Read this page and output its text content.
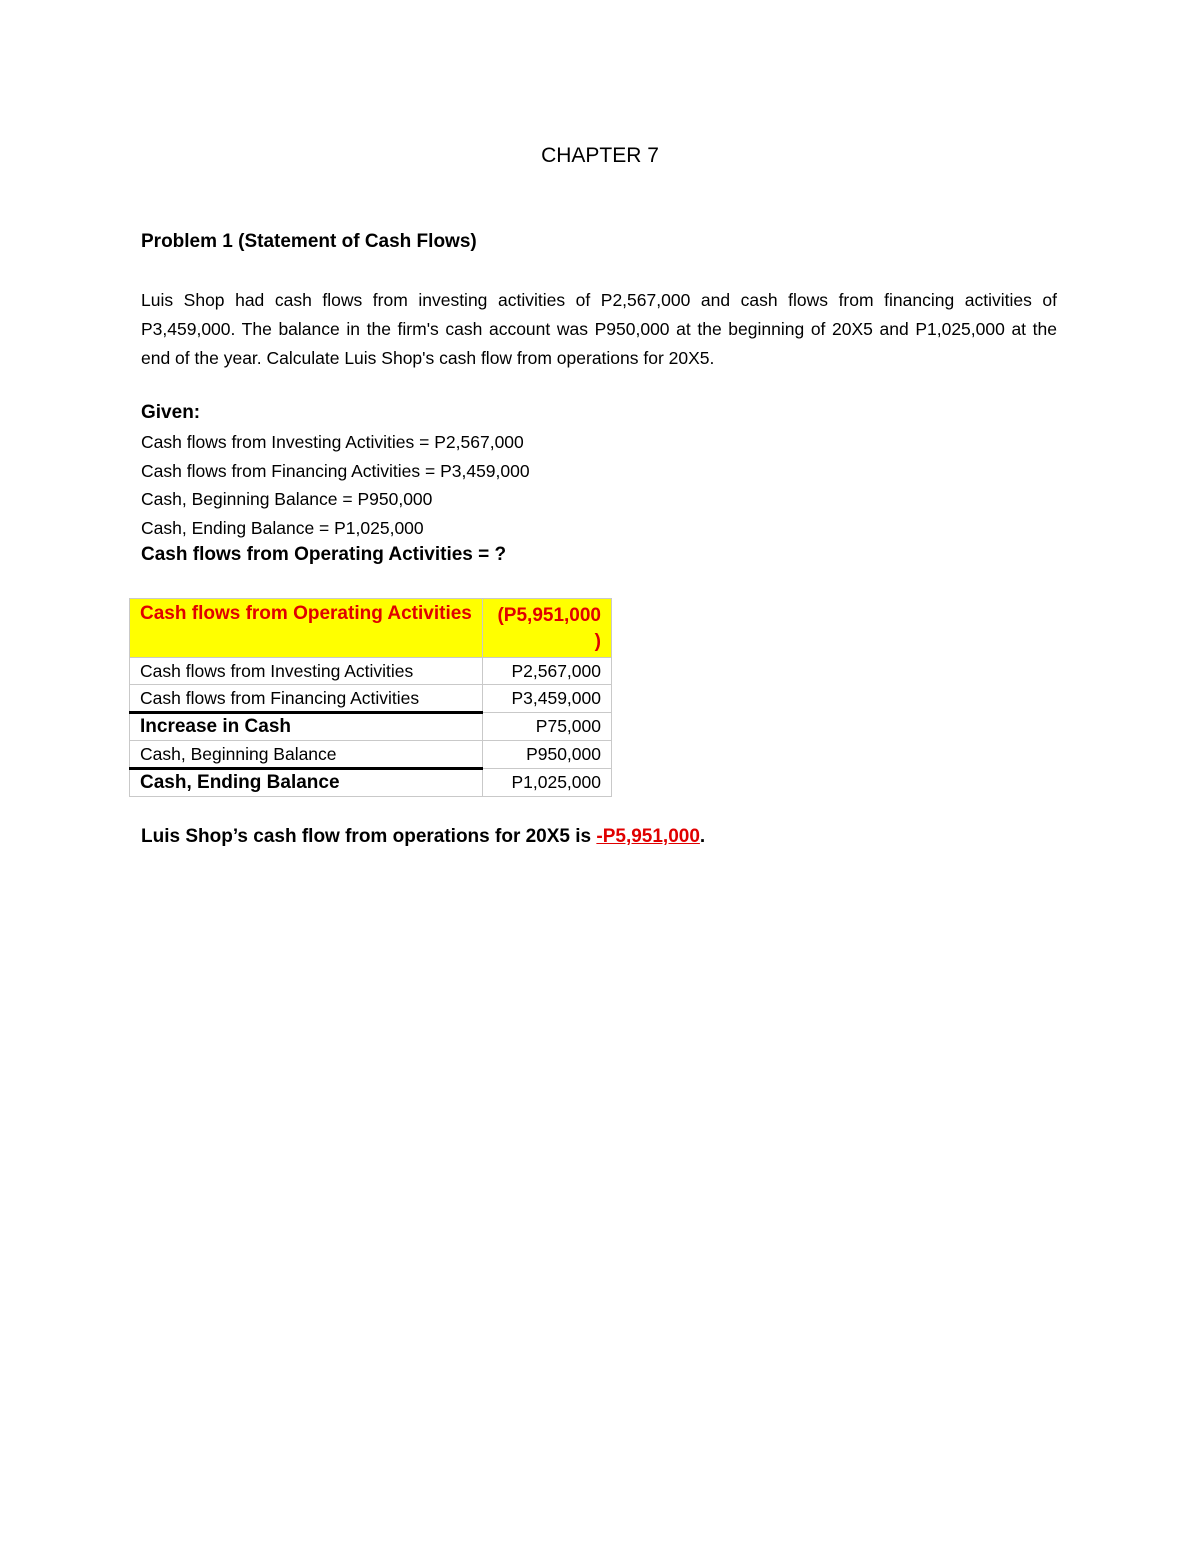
CHAPTER 7
Problem 1 (Statement of Cash Flows)
Luis Shop had cash flows from investing activities of P2,567,000 and cash flows from financing activities of P3,459,000. The balance in the firm's cash account was P950,000 at the beginning of 20X5 and P1,025,000 at the end of the year. Calculate Luis Shop's cash flow from operations for 20X5.
Given:
Cash flows from Investing Activities = P2,567,000
Cash flows from Financing Activities = P3,459,000
Cash, Beginning Balance = P950,000
Cash, Ending Balance = P1,025,000
Cash flows from Operating Activities = ?
Cash flows from Operating Activities	(P5,951,000 )
Cash flows from Investing Activities	P2,567,000
Cash flows from Financing Activities	P3,459,000
Increase in Cash	P75,000
Cash, Beginning Balance	P950,000
Cash, Ending Balance	P1,025,000
Luis Shop’s cash flow from operations for 20X5 is -P5,951,000.
